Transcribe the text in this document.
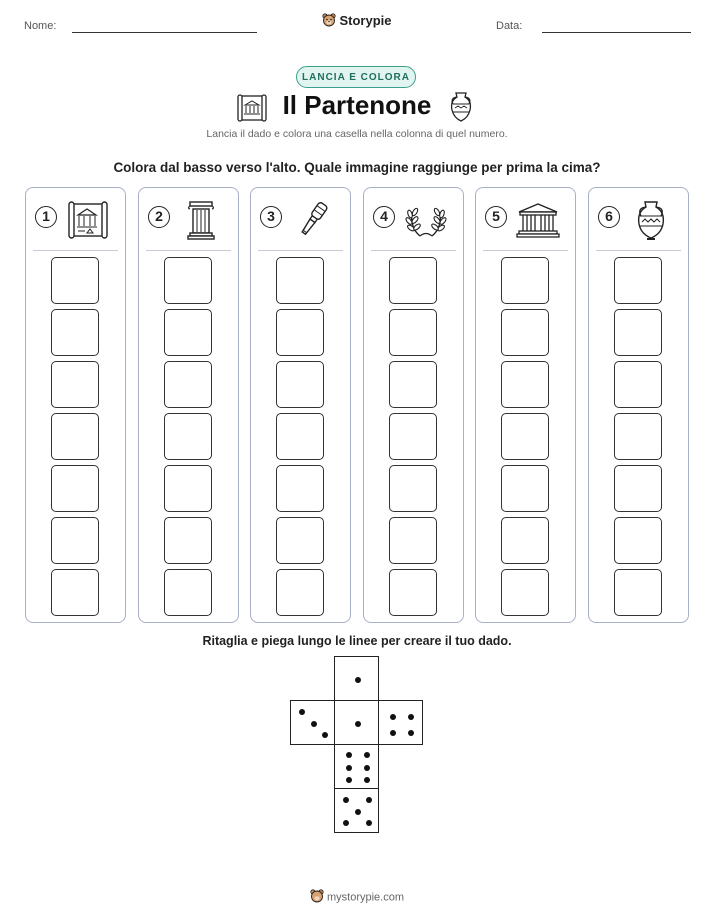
Nome:	Storypie	Data:
LANCIA E COLORA
Il Partenone
Lancia il dado e colora una casella nella colonna di quel numero.
Colora dal basso verso l'alto. Quale immagine raggiunge per prima la cima?
1	2	3	4	5	6
Ritaglia e piega lungo le linee per creare il tuo dado.
mystorypie.com
